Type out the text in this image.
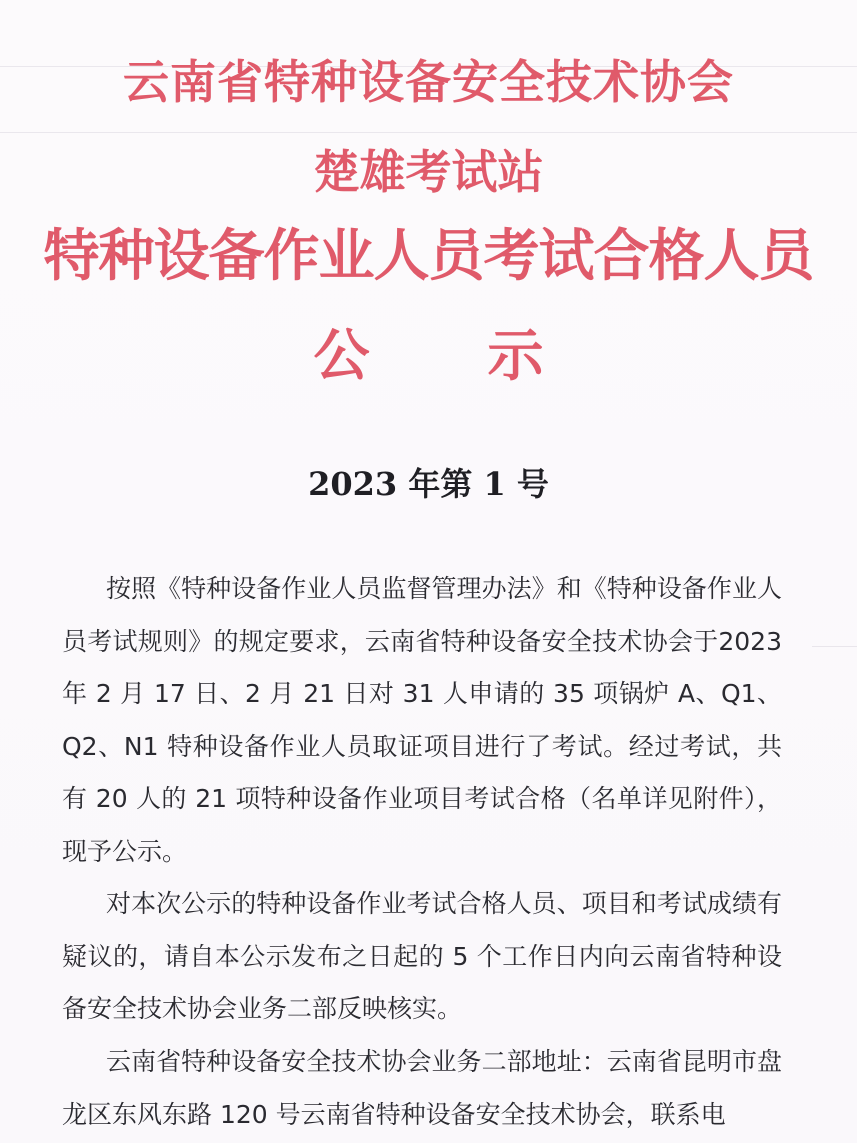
云南省特种设备安全技术协会
楚雄考试站
特种设备作业人员考试合格人员
公 示
2023 年第 1 号
按照《特种设备作业人员监督管理办法》和《特种设备作业人员考试规则》的规定要求，云南省特种设备安全技术协会于2023 年 2 月 17 日、2 月 21 日对 31 人申请的 35 项锅炉 A、Q1、Q2、N1 特种设备作业人员取证项目进行了考试。经过考试，共有 20 人的 21 项特种设备作业项目考试合格（名单详见附件），现予公示。
对本次公示的特种设备作业考试合格人员、项目和考试成绩有疑议的，请自本公示发布之日起的 5 个工作日内向云南省特种设备安全技术协会业务二部反映核实。
云南省特种设备安全技术协会业务二部地址：云南省昆明市盘龙区东风东路 120 号云南省特种设备安全技术协会，联系电
